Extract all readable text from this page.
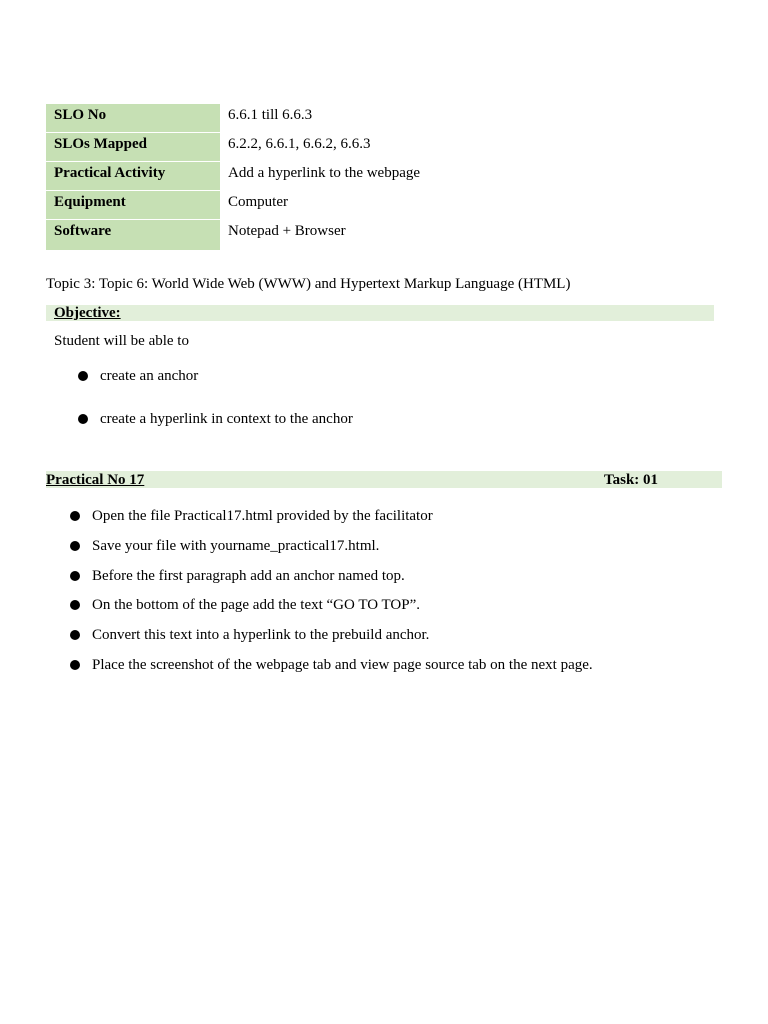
SLO No	6.6.1 till 6.6.3
SLOs Mapped	6.2.2, 6.6.1, 6.6.2, 6.6.3
Practical Activity	Add a hyperlink to the webpage
Equipment	Computer
Software	Notepad + Browser
Topic 3: Topic 6: World Wide Web (WWW) and Hypertext Markup Language (HTML)
Objective:
Student will be able to
create an anchor
create a hyperlink in context to the anchor
Practical No 17	Task: 01
Open the file Practical17.html provided by the facilitator
Save your file with yourname_practical17.html.
Before the first paragraph add an anchor named top.
On the bottom of the page add the text “GO TO TOP”.
Convert this text into a hyperlink to the prebuild anchor.
Place the screenshot of the webpage tab and view page source tab on the next page.
